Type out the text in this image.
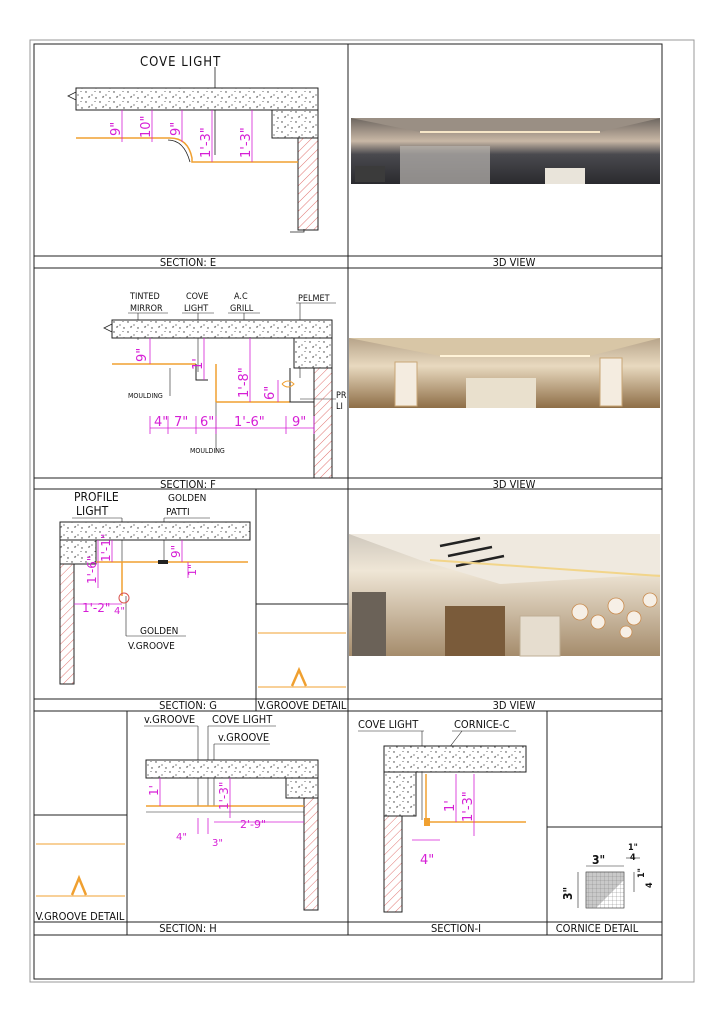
SECTION: E	3D VIEW
SECTION: F	3D VIEW
SECTION: G	V.GROOVE DETAIL	3D VIEW
V.GROOVE DETAIL
SECTION: H	SECTION-I	CORNICE DETAIL
COVE LIGHT
9" 10" 9" 1'-3" 1'-3"
TINTED
MIRROR
COVE
LIGHT
A.C
GRILL
PELMET
MOULDING
MOULDING
PR
LI
9"
1'
1'-8" 6"
4" 7" 6" 1'-6" 9"
PROFILE
LIGHT
GOLDEN
PATTI
GOLDEN
V.GROOVE
1'-6"
1'-1"	9"
1"
1'-2" 4"
v.GROOVE COVE LIGHT
v.GROOVE
1'	1'-3"
2'-9"
4"
3"
COVE LIGHT	CORNICE-C
1' 1'-3"
4"	3"
3"
1"
4
1"
4
